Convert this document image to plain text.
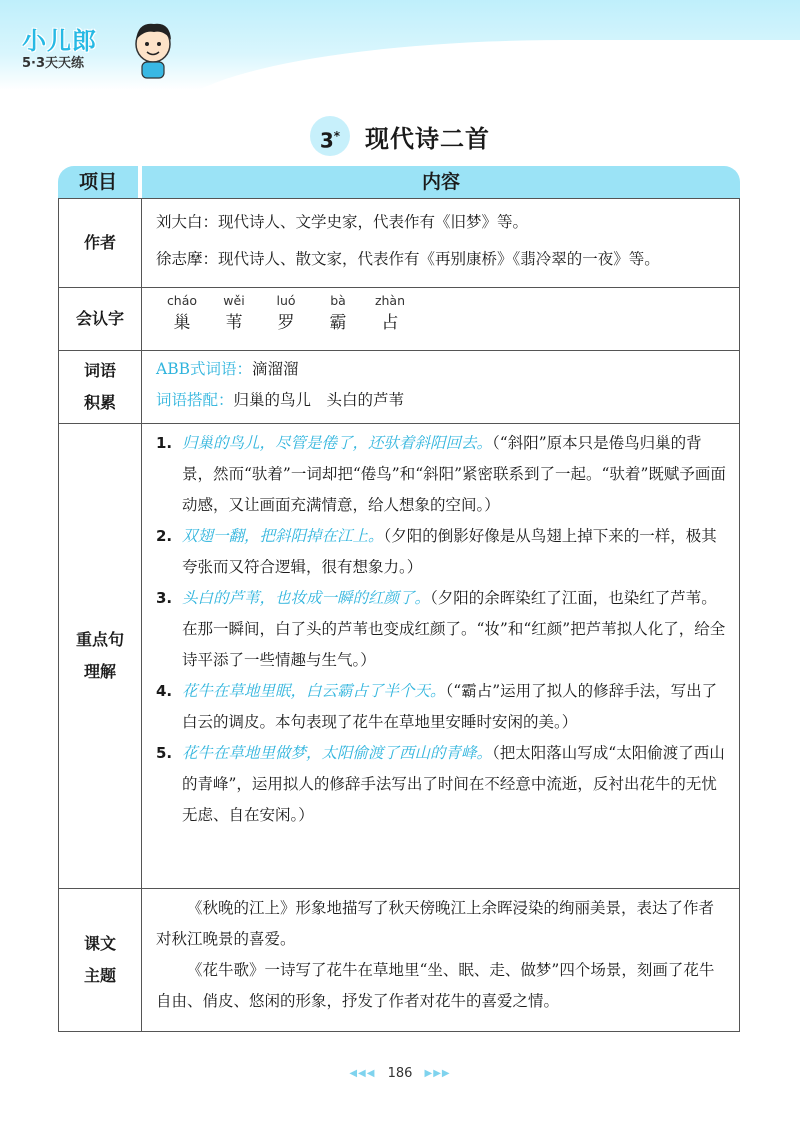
小儿郎
5·3天天练
3* 现代诗二首
项目	内容
作者
刘大白：现代诗人、文学史家，代表作有《旧梦》等。
徐志摩：现代诗人、散文家，代表作有《再别康桥》《翡冷翠的一夜》等。
会认字
cháo
巢
wěi
苇
luó
罗
bà
霸
zhàn
占
词语
积累
ABB式词语：滴溜溜
词语搭配：归巢的鸟儿　头白的芦苇
重点句
理解
1. 归巢的鸟儿，尽管是倦了，还驮着斜阳回去。（“斜阳”原本只是倦鸟归巢的背景，然而“驮着”一词却把“倦鸟”和“斜阳”紧密联系到了一起。“驮着”既赋予画面动感，又让画面充满情意，给人想象的空间。）
2. 双翅一翻，把斜阳掉在江上。（夕阳的倒影好像是从鸟翅上掉下来的一样，极其夸张而又符合逻辑，很有想象力。）
3. 头白的芦苇，也妆成一瞬的红颜了。（夕阳的余晖染红了江面，也染红了芦苇。在那一瞬间，白了头的芦苇也变成红颜了。“妆”和“红颜”把芦苇拟人化了，给全诗平添了一些情趣与生气。）
4. 花牛在草地里眠，白云霸占了半个天。（“霸占”运用了拟人的修辞手法，写出了白云的调皮。本句表现了花牛在草地里安睡时安闲的美。）
5. 花牛在草地里做梦，太阳偷渡了西山的青峰。（把太阳落山写成“太阳偷渡了西山的青峰”，运用拟人的修辞手法写出了时间在不经意中流逝，反衬出花牛的无忧无虑、自在安闲。）
课文
主题
《秋晚的江上》形象地描写了秋天傍晚江上余晖浸染的绚丽美景，表达了作者对秋江晚景的喜爱。
《花牛歌》一诗写了花牛在草地里“坐、眠、走、做梦”四个场景，刻画了花牛自由、俏皮、悠闲的形象，抒发了作者对花牛的喜爱之情。
◀◀◀ 186 ▶▶▶
